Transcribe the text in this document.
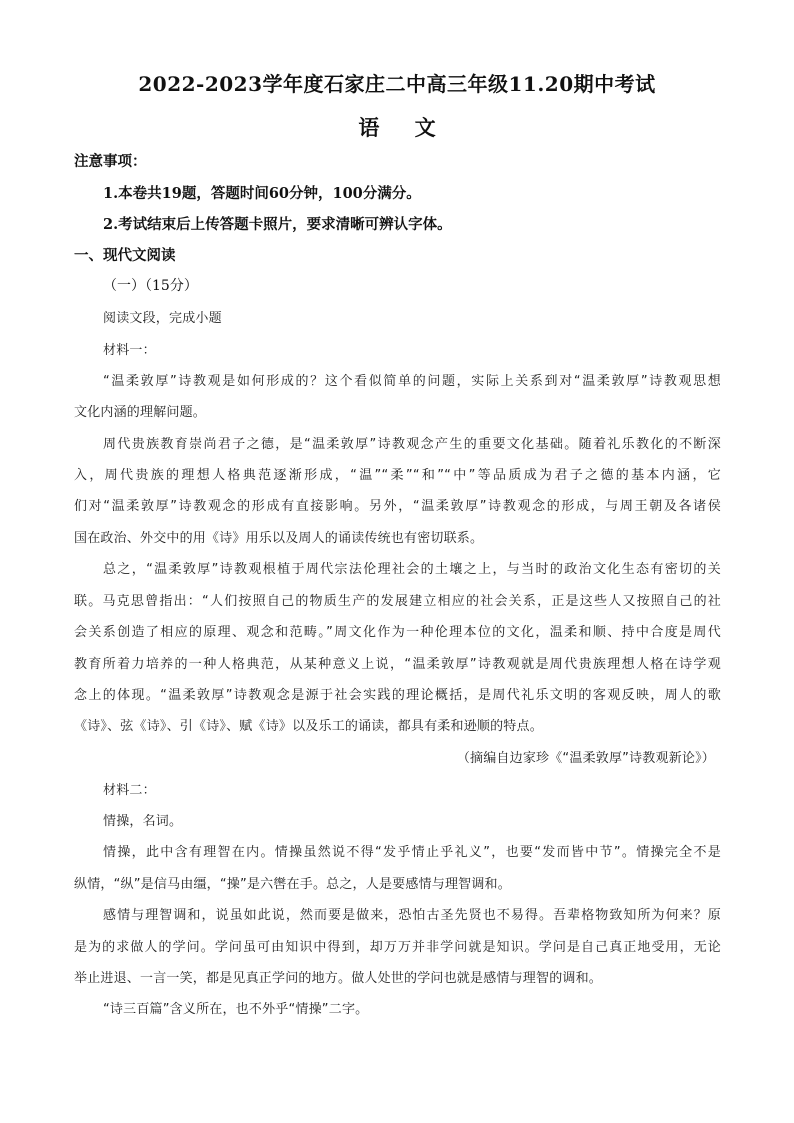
2022-2023学年度石家庄二中高三年级11.20期中考试
语 文
注意事项：
1.本卷共19题，答题时间60分钟，100分满分。
2.考试结束后上传答题卡照片，要求清晰可辨认字体。
一、现代文阅读
（一）（15分）
阅读文段，完成小题
材料一：
“温柔敦厚”诗教观是如何形成的？这个看似简单的问题，实际上关系到对“温柔敦厚”诗教观思想
文化内涵的理解问题。
周代贵族教育崇尚君子之德，是“温柔敦厚”诗教观念产生的重要文化基础。随着礼乐教化的不断深
入，周代贵族的理想人格典范逐渐形成，“温”“柔”“和”“中”等品质成为君子之德的基本内涵，它
们对“温柔敦厚”诗教观念的形成有直接影响。另外，“温柔敦厚”诗教观念的形成，与周王朝及各诸侯
国在政治、外交中的用《诗》用乐以及周人的诵读传统也有密切联系。
总之，“温柔敦厚”诗教观根植于周代宗法伦理社会的土壤之上，与当时的政治文化生态有密切的关
联。马克思曾指出：“人们按照自己的物质生产的发展建立相应的社会关系，正是这些人又按照自己的社
会关系创造了相应的原理、观念和范畴。”周文化作为一种伦理本位的文化，温柔和顺、持中合度是周代
教育所着力培养的一种人格典范，从某种意义上说，“温柔敦厚”诗教观就是周代贵族理想人格在诗学观
念上的体现。“温柔敦厚”诗教观念是源于社会实践的理论概括，是周代礼乐文明的客观反映，周人的歌
《诗》、弦《诗》、引《诗》、赋《诗》以及乐工的诵读，都具有柔和逊顺的特点。
（摘编自边家珍《“温柔敦厚”诗教观新论》）
材料二：
情操，名词。
情操，此中含有理智在内。情操虽然说不得“发乎情止乎礼义”，也要“发而皆中节”。情操完全不是
纵情，“纵”是信马由缰，“操”是六辔在手。总之，人是要感情与理智调和。
感情与理智调和，说虽如此说，然而要是做来，恐怕古圣先贤也不易得。吾辈格物致知所为何来？原
是为的求做人的学问。学问虽可由知识中得到，却万万并非学问就是知识。学问是自己真正地受用，无论
举止进退、一言一笑，都是见真正学问的地方。做人处世的学问也就是感情与理智的调和。
“诗三百篇”含义所在，也不外乎“情操”二字。
